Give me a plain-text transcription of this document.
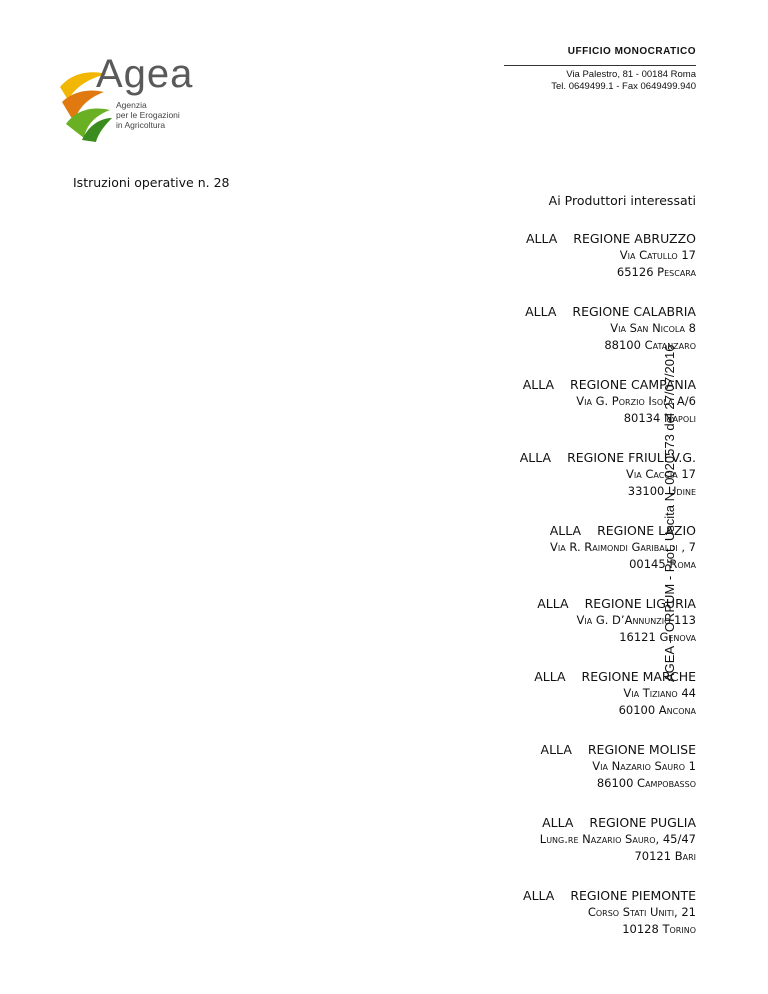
Agea
Agenzia
per le Erogazioni
in Agricoltura
UFFICIO MONOCRATICO
Via Palestro, 81 - 00184 Roma
Tel. 0649499.1 - Fax 0649499.940
Istruzioni operative n. 28
Ai Produttori interessati
ALLA REGIONE ABRUZZO
Via Catullo 17
65126 Pescara
ALLA REGIONE CALABRIA
Via San Nicola 8
88100 Catanzaro
ALLA REGIONE CAMPANIA
Via G. Porzio Isola A/6
80134 Napoli
ALLA REGIONE FRIULI V.G.
Via Caccia 17
33100 Udine
ALLA REGIONE LAZIO
Via R. Raimondi Garibaldi , 7
00145 Roma
ALLA REGIONE LIGURIA
Via G. D’Annunzio 113
16121 Genova
ALLA REGIONE MARCHE
Via Tiziano 44
60100 Ancona
ALLA REGIONE MOLISE
Via Nazario Sauro 1
86100 Campobasso
ALLA REGIONE PUGLIA
Lung.re Nazario Sauro, 45/47
70121 Bari
ALLA REGIONE PIEMONTE
Corso Stati Uniti, 21
10128 Torino
AGEA – ORPUM - Prot. Uscita N. 0020573 del 27/07/2016
